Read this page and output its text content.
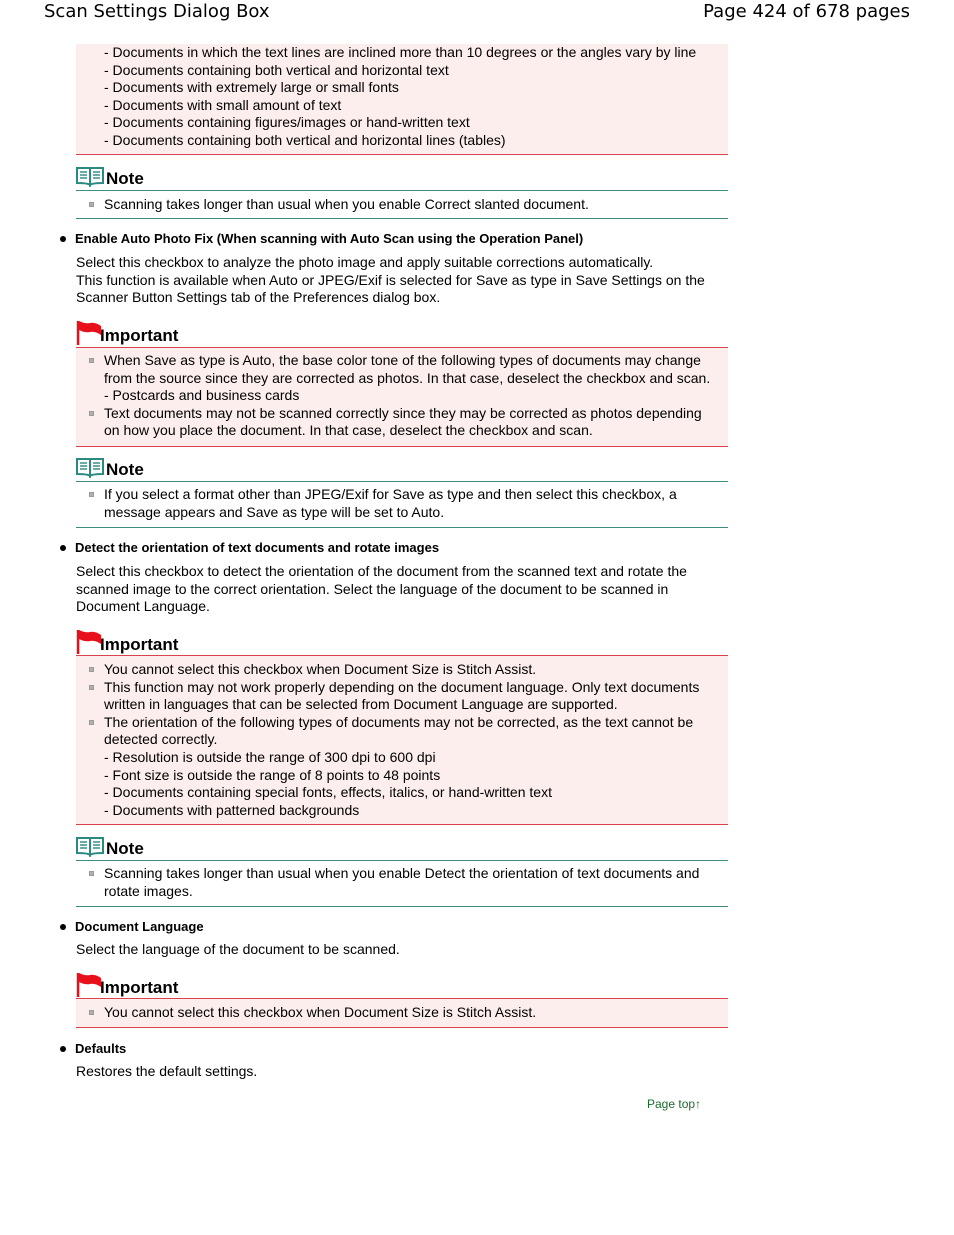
Scan Settings Dialog Box	Page 424 of 678 pages
- Documents in which the text lines are inclined more than 10 degrees or the angles vary by line
- Documents containing both vertical and horizontal text
- Documents with extremely large or small fonts
- Documents with small amount of text
- Documents containing figures/images or hand-written text
- Documents containing both vertical and horizontal lines (tables)
Note
Scanning takes longer than usual when you enable Correct slanted document.
Enable Auto Photo Fix (When scanning with Auto Scan using the Operation Panel)
Select this checkbox to analyze the photo image and apply suitable corrections automatically.
This function is available when Auto or JPEG/Exif is selected for Save as type in Save Settings on the
Scanner Button Settings tab of the Preferences dialog box.
Important
When Save as type is Auto, the base color tone of the following types of documents may change
from the source since they are corrected as photos. In that case, deselect the checkbox and scan.
- Postcards and business cards
Text documents may not be scanned correctly since they may be corrected as photos depending
on how you place the document. In that case, deselect the checkbox and scan.
Note
If you select a format other than JPEG/Exif for Save as type and then select this checkbox, a
message appears and Save as type will be set to Auto.
Detect the orientation of text documents and rotate images
Select this checkbox to detect the orientation of the document from the scanned text and rotate the
scanned image to the correct orientation. Select the language of the document to be scanned in
Document Language.
Important
You cannot select this checkbox when Document Size is Stitch Assist.
This function may not work properly depending on the document language. Only text documents
written in languages that can be selected from Document Language are supported.
The orientation of the following types of documents may not be corrected, as the text cannot be
detected correctly.
- Resolution is outside the range of 300 dpi to 600 dpi
- Font size is outside the range of 8 points to 48 points
- Documents containing special fonts, effects, italics, or hand-written text
- Documents with patterned backgrounds
Note
Scanning takes longer than usual when you enable Detect the orientation of text documents and
rotate images.
Document Language
Select the language of the document to be scanned.
Important
You cannot select this checkbox when Document Size is Stitch Assist.
Defaults
Restores the default settings.
Page top↑
